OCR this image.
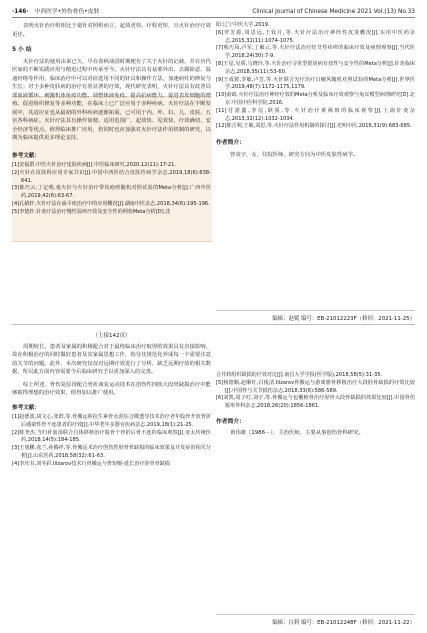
·146· 中西医学•外伤骨伤•皮肤	Clinical Journal of Chinese Medicine 2021 Vol.(13) No.33

表明火针治疗组相比于毫针对照组而言，起效更快，疗程更短，且火针治疗疗效更佳。

5 小 结

火针疗法的使用由来已久，早在春秋战国时期便有了关于火针的记载，并在历代医家的不断实践应用与精进过程中传承至今。火针疗法具有祛邪外出、去腐除恶、温通经络等作用，临床治疗中可以对症选用不同的针具和操作方法，加速病灶的修复与生长；对于多种皮肤病的治疗有着显著的疗效，现代研究表明，火针疗法具有改善局部血液循环、刺激机体免疫功能、调整体液免疫、提高抗病能力、促进表皮细胞的增殖、促进组织修复等多种功能，在临床上已广泛应用于多种疾病。火针疗法在不断发展中，其适应证也从最初的外科疾病逐渐拓展，已可用于内、外、妇、儿、皮肤、五官各科病症。火针疗法具有操作简便、适用范围广、起效快、见效快、疗效确切、安全经济等优点，值得临床推广应用，但同时也应加强对火针疗法作用机制的研究，以期为临床提供更多理论支持。

参考文献：

[1]安福群.中医火针治疗皮肤疾病[J].中医临床研究,2020,12(11):17-21.

[2]火针在皮肤科应用专家共识[J].中国中西医结合皮肤性病学杂志,2019,18(6):638-641.

[3]陈巧云,丁定明,毫火针与火针治疗带状疱疹随机对照试验的Meta分析[J].广西中医药,2019,42(6):63-67.

[4]孔婧轩.火针疗法在扁平疣治疗中的应用概况[J].湖南中医杂志,2018,34(6):195-196.

[5]李楚轩.针灸疗法治疗慢性湿疹疗效及安全性的网状Meta分析[D].沈

阳:辽宁中医大学,2019.

[6]罗芳源,周思远,王钦月,等.火针疗法治疗神经性皮炎概况[J].实用中医药杂志,2015,31(11):1074-1075.

[7]蔡巧凤,卢军,丁雁云,等.火针疗法治疗结节性痒疹的临床疗效及病理观察[J].当代医学,2018,24(30):7-9.

[8]王星,吴骄,马晓玲,等.火针治疗寻常型银屑病有效性与安全性的Meta分析[J].针灸临床杂志,2018,35(11):53-60.

[9]王成骏,李敏,卢芳,等.火针联合光疗治疗白癜风随机对照试验的Meta分析[J].世界医学,2019,48(7):1172-1175,1179.

[10]俞政.火针疗法治疗神经疗效的Meta分析及临床疗效观察与兔耳模型病理研究[D].北京:中国中医科学院,2016.

[11]付游鑫,李信,耿骄,等.火针治疗黄褐斑的临床观察[J].上海针灸杂志,2013,32(12):1032-1034.

[12]陈吉利,王敏,刘思,等.火针疗法作用机制的探讨[J].光明中医,2016,31(9):683-685.

作者简介：

曾凌宇，女，住院医师，研究方向为中医皮肤性病学。

编辑：赵媛 编号：EB-21012223F（修回：2021-11-25）
（上接142页）

周期较长，患者及家属的积极配合对于最终临床治疗取得的效果具有直接影响，故在积极治疗的同时做好患者及其家属思想工作，指导其规范化养成每一个需要注意的关节的问题。此外，本次研究仅仅对远期疗效进行了分析，缺乏远期疗效的相关数据，所以此方面内容需要今后临床研究予以更加深入的完善。

综上所述，骨伤复原汤配合骨折康复运动技术在创伤性四肢大段骨缺损治疗中能够取得理想的治疗效果，值得加以推广使用。

参考文献：

[1]赵德波,胡文心,张群,等.骨搬运和抗生素骨水泥综合微透导技术治疗老年股骨开放骨折后感染性骨不连患者的疗效[J].中华老年多器官疾病杂志,2019,18(1):21-25.

[2]陈尧杰.当归补血汤联合自体移植治疗股骨干骨折后骨不连的临床观察[J].亚太传统医药,2018,14(5):184-185.

[3]王旭鹏,张兰,孙腾祥,等.骨搬运术治疗创伤性胫骨骨缺损的临床效果及并发症的相关分析[J].山东医药,2018,58(32):61-63.

[4]李庆书,刘冬彩.Ilizarov技术行骨搬运与骨短缩-延长治疗胫骨骨缺损

合并软组织缺损的疗效对比[J].南昌大学学报(医学版),2018,58(5):31-35.

[5]杨德顺,赵顺红,白俊清.Ilizarov骨搬运与游离腓骨移植治疗大段胫骨缺损的疗效比较[J].中国骨与关节损伤杂志,2018,33(6):586-589.

[6]刘凯,周子红,刘宇,等.骨搬运与包覆植骨治疗胫骨大段骨缺损的效果比较[J].中国骨伤矫形外科杂志,2018,26(20):1856-1861.

作者简介：

黄伟雄（1986－），主治医师，主要从事创伤骨科研究。

编辑：白莉 编号：EB-21012248F（修回：2021-11-22）
